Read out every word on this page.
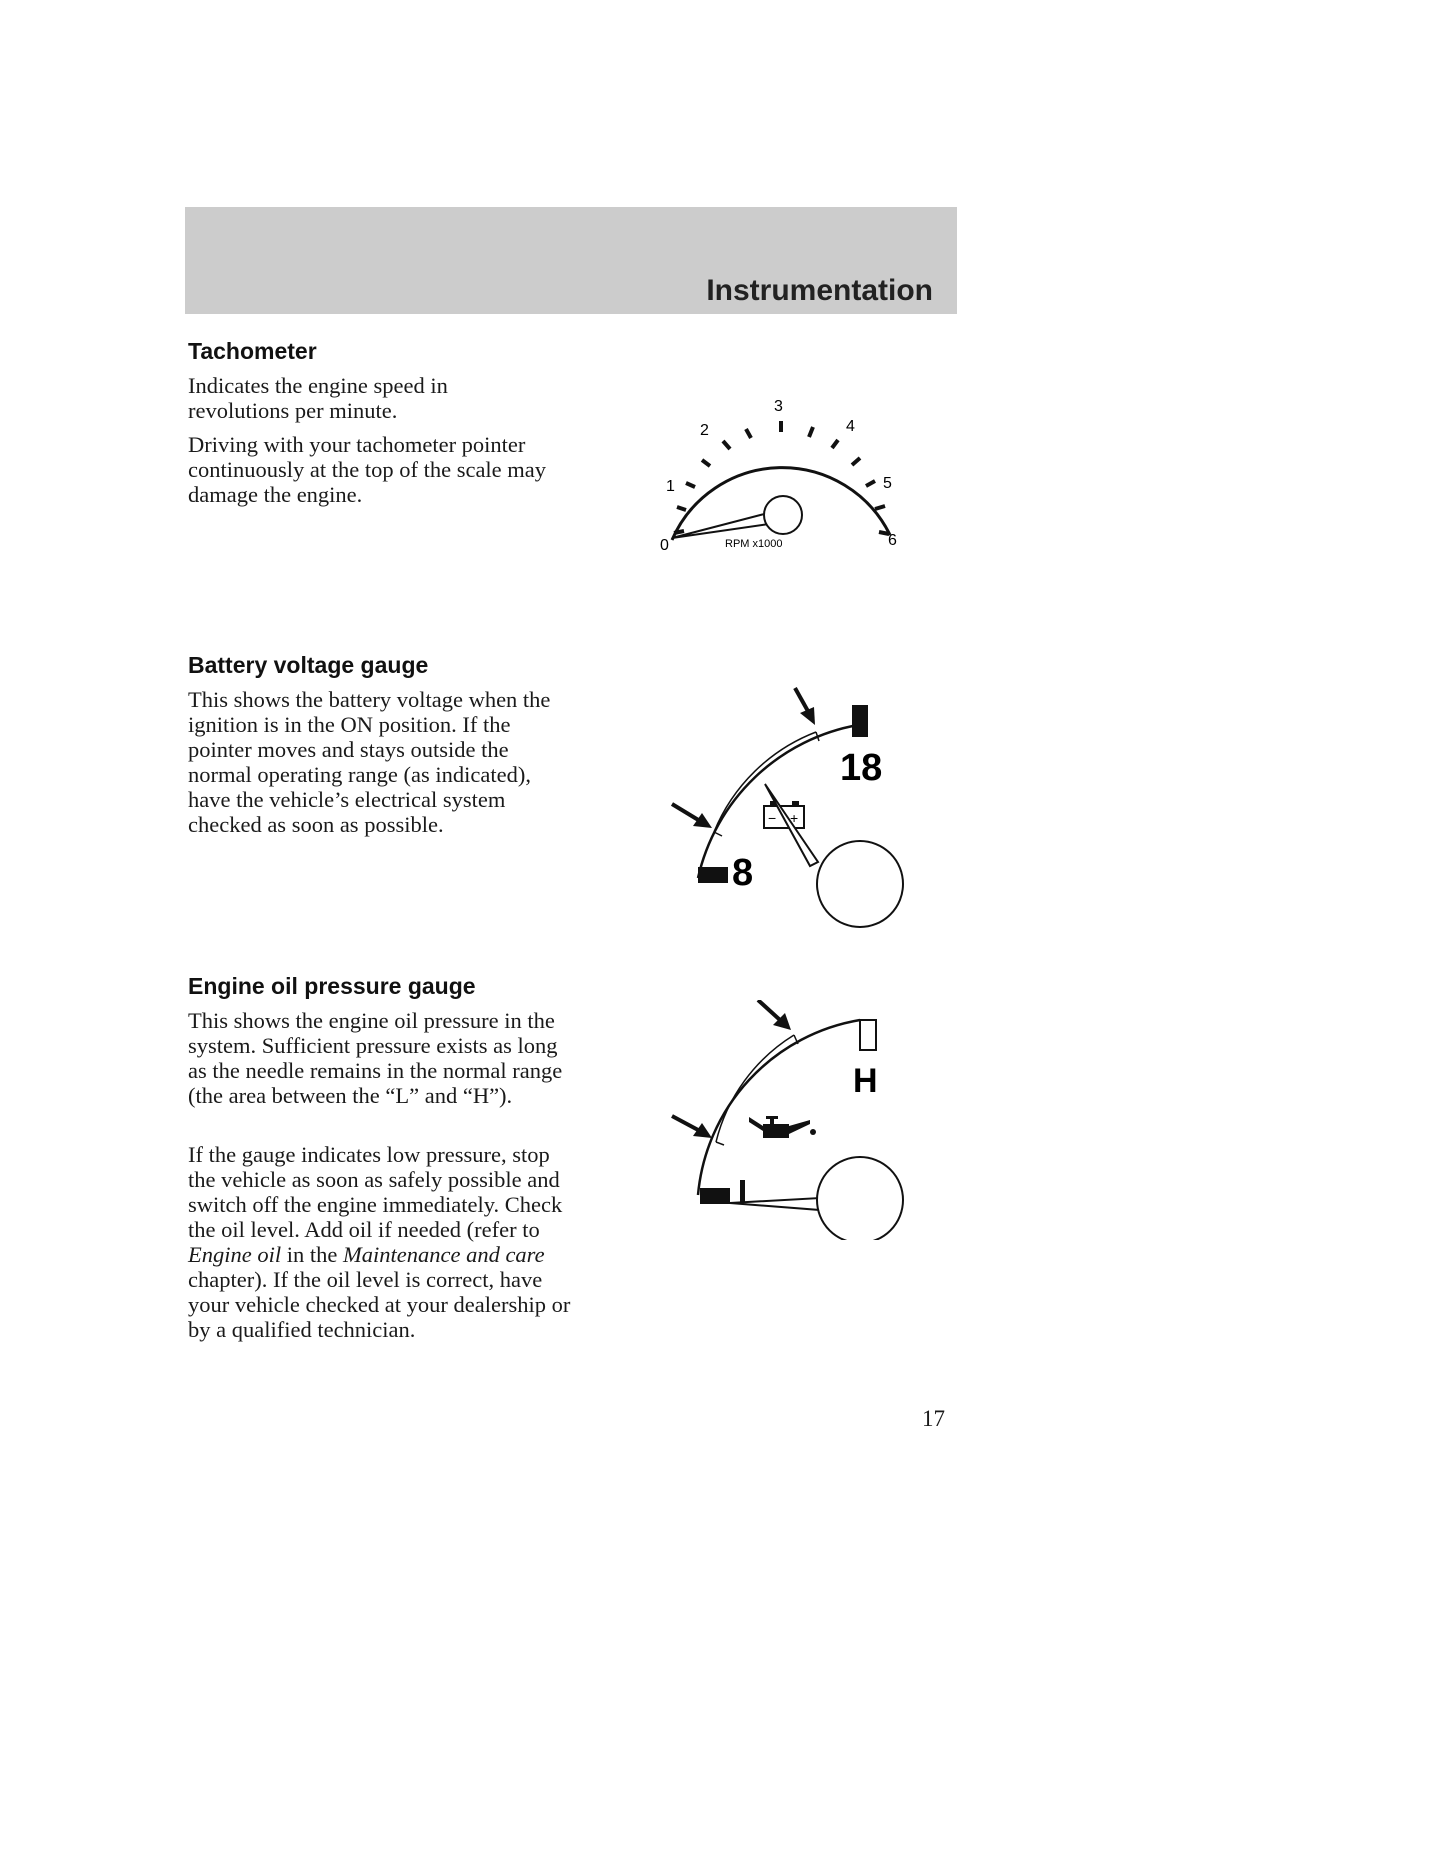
Instrumentation
Tachometer

Indicates the engine speed in revolutions per minute.

Driving with your tachometer pointer continuously at the top of the scale may damage the engine.

0
1
2
3
4
5
6
RPM x1000
Battery voltage gauge

This shows the battery voltage when the ignition is in the ON position. If the pointer moves and stays outside the normal operating range (as indicated), have the vehicle’s electrical system checked as soon as possible.

8
18
− +
Engine oil pressure gauge

This shows the engine oil pressure in the system. Sufficient pressure exists as long as the needle remains in the normal range (the area between the “L” and “H”).

If the gauge indicates low pressure, stop the vehicle as soon as safely possible and switch off the engine immediately. Check the oil level. Add oil if needed (refer to Engine oil in the Maintenance and care chapter). If the oil level is correct, have your vehicle checked at your dealership or by a qualified technician.

H
17
